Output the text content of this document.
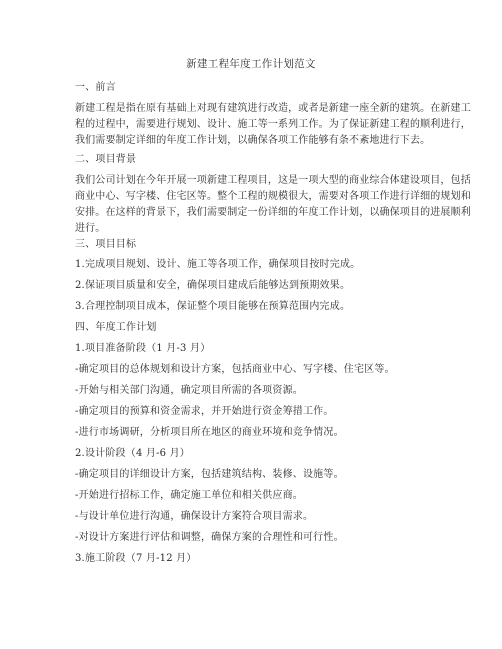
新建工程年度工作计划范文
一、前言
新建工程是指在原有基础上对现有建筑进行改造，或者是新建一座全新的建筑。在新建工
程的过程中，需要进行规划、设计、施工等一系列工作。为了保证新建工程的顺利进行，
我们需要制定详细的年度工作计划，以确保各项工作能够有条不紊地进行下去。
二、项目背景
我们公司计划在今年开展一项新建工程项目，这是一项大型的商业综合体建设项目，包括
商业中心、写字楼、住宅区等。整个工程的规模很大，需要对各项工作进行详细的规划和
安排。在这样的背景下，我们需要制定一份详细的年度工作计划，以确保项目的进展顺利
进行。
三、项目目标
1.完成项目规划、设计、施工等各项工作，确保项目按时完成。
2.保证项目质量和安全，确保项目建成后能够达到预期效果。
3.合理控制项目成本，保证整个项目能够在预算范围内完成。
四、年度工作计划
1.项目准备阶段（1 月-3 月）
-确定项目的总体规划和设计方案，包括商业中心、写字楼、住宅区等。
-开始与相关部门沟通，确定项目所需的各项资源。
-确定项目的预算和资金需求，并开始进行资金筹措工作。
-进行市场调研，分析项目所在地区的商业环境和竞争情况。
2.设计阶段（4 月-6 月）
-确定项目的详细设计方案，包括建筑结构、装修、设施等。
-开始进行招标工作，确定施工单位和相关供应商。
-与设计单位进行沟通，确保设计方案符合项目需求。
-对设计方案进行评估和调整，确保方案的合理性和可行性。
3.施工阶段（7 月-12 月）
